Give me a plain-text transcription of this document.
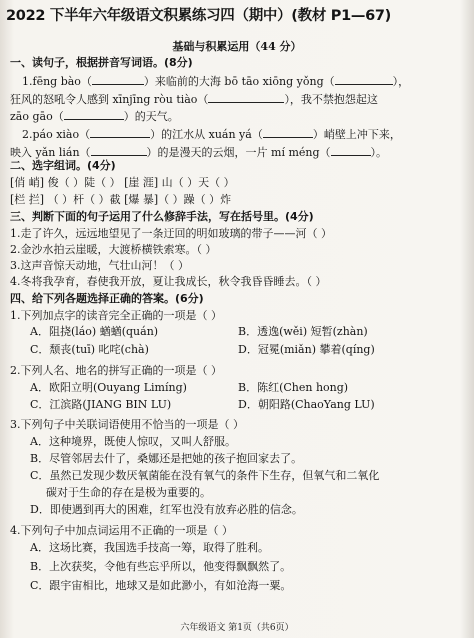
2022 下半年六年级语文积累练习四（期中）(教材 P1—67)
基础与积累运用（44 分）
一、读句子，根据拼音写词语。(8分)
1.fēng bào（	）来临前的大海 bō tāo xiōng yǒng（	），
狂风的怒吼令人感到 xīnjīng ròu tiào（	），我不禁抱怨起这
zāo gāo（	）的天气。
2.páo xiào（	）的江水从 xuán yá（	）峭壁上冲下来，
映入 yǎn lián（	）的是漫天的云烟，一片 mí méng（	）。
二、选字组词。(4分)
[俏 峭] 俊（ ）陡（ ） [崖 涯] 山（ ）天（ ）
[栏 拦] （ ）杆（ ）截 [爆 暴]（ ）躁（ ）炸
三、判断下面的句子运用了什么修辞手法，写在括号里。(4分)
1.走了许久，远远地望见了一条迂回的明如玻璃的带子——河（ ）
2.金沙水拍云崖暖，大渡桥横铁索寒。（ ）
3.这声音惊天动地，气壮山河！（ ）
4.冬将我孕育，春使我开放，夏让我成长，秋令我昏昏睡去。（ ）
四、给下列各题选择正确的答案。(6分)
1.下列加点字的读音完全正确的一项是（ ）
A．阻挠(láo) 蝤蝤(quán)	B．透逸(wěi) 短暂(zhàn)
C．颓丧(tuī) 叱咤(chà)	D．冠冕(miǎn) 攀着(qíng)
2.下列人名、地名的拼写正确的一项是（ ）
A．欧阳立明(Ouyang Limíng)	B．陈红(Chen hong)
C．江滨路(JIANG BIN LU)	D．朝阳路(ChaoYang LU)
3.下列句子中关联词语使用不恰当的一项是（ ）
A．这种境界，既使人惊叹，又叫人舒服。
B．尽管邻居去什了，桑娜还是把她的孩子抱回家去了。
C．虽然已发现少数厌氧菌能在没有氧气的条件下生存，但氧气和二氧化
碳对于生命的存在是极为重要的。
D．即使遇到再大的困难，红军也没有放弃必胜的信念。
4.下列句子中加点词运用不正确的一项是（ ）
A．这场比赛，我国选手技高一筹，取得了胜利。
B．上次获奖，令他有些忘乎所以，他变得飘飘然了。
C．跟宇宙相比，地球又是如此渺小，有如沧海一粟。
六年级语文 第1页（共6页）
